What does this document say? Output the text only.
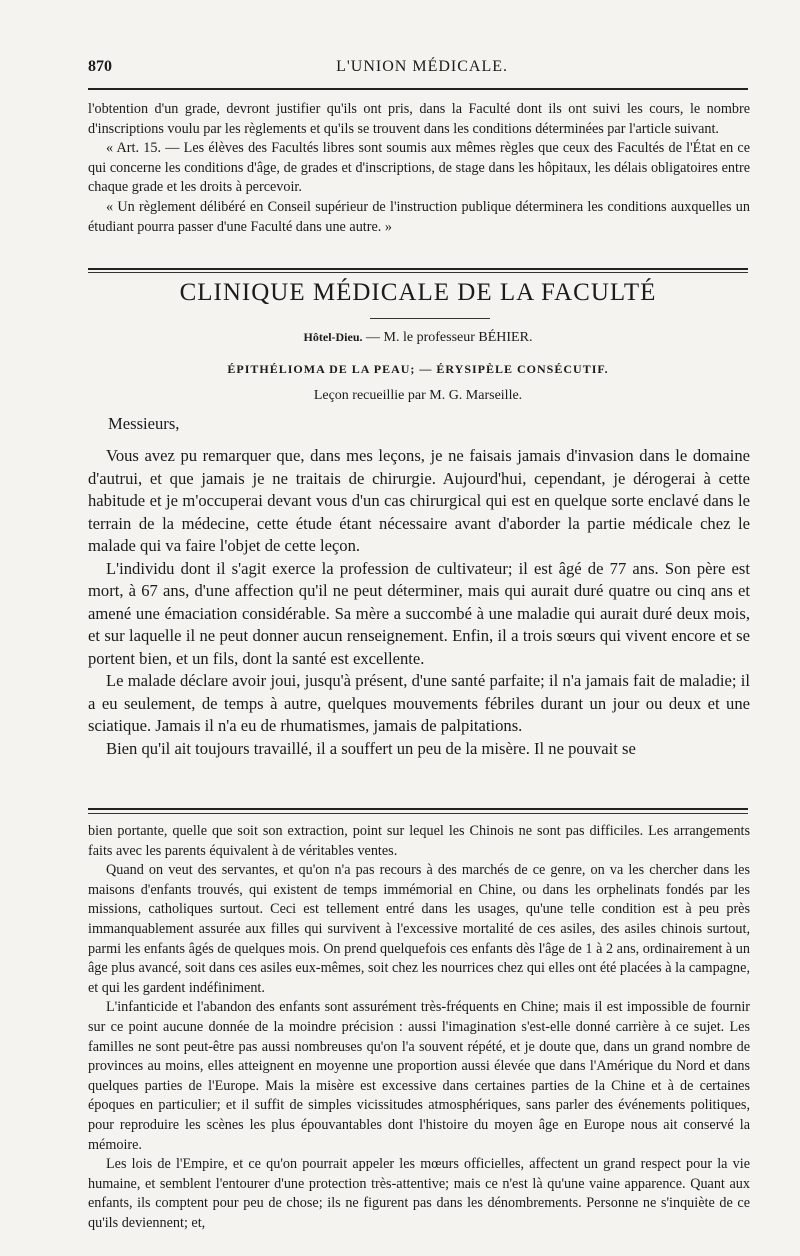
870	L'UNION MÉDICALE.

l'obtention d'un grade, devront justifier qu'ils ont pris, dans la Faculté dont ils ont suivi les cours, le nombre d'inscriptions voulu par les règlements et qu'ils se trouvent dans les conditions déterminées par l'article suivant.

« Art. 15. — Les élèves des Facultés libres sont soumis aux mêmes règles que ceux des Facultés de l'État en ce qui concerne les conditions d'âge, de grades et d'inscriptions, de stage dans les hôpitaux, les délais obligatoires entre chaque grade et les droits à percevoir.

« Un règlement délibéré en Conseil supérieur de l'instruction publique déterminera les conditions auxquelles un étudiant pourra passer d'une Faculté dans une autre. »

CLINIQUE MÉDICALE DE LA FACULTÉ
Hôtel-Dieu. — M. le professeur BÉHIER.
ÉPITHÉLIOMA DE LA PEAU; — ÉRYSIPÈLE CONSÉCUTIF.
Leçon recueillie par M. G. Marseille.
Messieurs,

Vous avez pu remarquer que, dans mes leçons, je ne faisais jamais d'invasion dans le domaine d'autrui, et que jamais je ne traitais de chirurgie. Aujourd'hui, cependant, je dérogerai à cette habitude et je m'occuperai devant vous d'un cas chirurgical qui est en quelque sorte enclavé dans le terrain de la médecine, cette étude étant nécessaire avant d'aborder la partie médicale chez le malade qui va faire l'objet de cette leçon.

L'individu dont il s'agit exerce la profession de cultivateur; il est âgé de 77 ans. Son père est mort, à 67 ans, d'une affection qu'il ne peut déterminer, mais qui aurait duré quatre ou cinq ans et amené une émaciation considérable. Sa mère a succombé à une maladie qui aurait duré deux mois, et sur laquelle il ne peut donner aucun renseignement. Enfin, il a trois sœurs qui vivent encore et se portent bien, et un fils, dont la santé est excellente.

Le malade déclare avoir joui, jusqu'à présent, d'une santé parfaite; il n'a jamais fait de maladie; il a eu seulement, de temps à autre, quelques mouvements fébriles durant un jour ou deux et une sciatique. Jamais il n'a eu de rhumatismes, jamais de palpitations.

Bien qu'il ait toujours travaillé, il a souffert un peu de la misère. Il ne pouvait se

bien portante, quelle que soit son extraction, point sur lequel les Chinois ne sont pas difficiles. Les arrangements faits avec les parents équivalent à de véritables ventes.

Quand on veut des servantes, et qu'on n'a pas recours à des marchés de ce genre, on va les chercher dans les maisons d'enfants trouvés, qui existent de temps immémorial en Chine, ou dans les orphelinats fondés par les missions, catholiques surtout. Ceci est tellement entré dans les usages, qu'une telle condition est à peu près immanquablement assurée aux filles qui survivent à l'excessive mortalité de ces asiles, des asiles chinois surtout, parmi les enfants âgés de quelques mois. On prend quelquefois ces enfants dès l'âge de 1 à 2 ans, ordinairement à un âge plus avancé, soit dans ces asiles eux-mêmes, soit chez les nourrices chez qui elles ont été placées à la campagne, et qui les gardent indéfiniment.

L'infanticide et l'abandon des enfants sont assurément très-fréquents en Chine; mais il est impossible de fournir sur ce point aucune donnée de la moindre précision : aussi l'imagination s'est-elle donné carrière à ce sujet. Les familles ne sont peut-être pas aussi nombreuses qu'on l'a souvent répété, et je doute que, dans un grand nombre de provinces au moins, elles atteignent en moyenne une proportion aussi élevée que dans l'Amérique du Nord et dans quelques parties de l'Europe. Mais la misère est excessive dans certaines parties de la Chine et à de certaines époques en particulier; et il suffit de simples vicissitudes atmosphériques, sans parler des événements politiques, pour reproduire les scènes les plus épouvantables dont l'histoire du moyen âge en Europe nous ait conservé la mémoire.

Les lois de l'Empire, et ce qu'on pourrait appeler les mœurs officielles, affectent un grand respect pour la vie humaine, et semblent l'entourer d'une protection très-attentive; mais ce n'est là qu'une vaine apparence. Quant aux enfants, ils comptent pour peu de chose; ils ne figurent pas dans les dénombrements. Personne ne s'inquiète de ce qu'ils deviennent; et,
